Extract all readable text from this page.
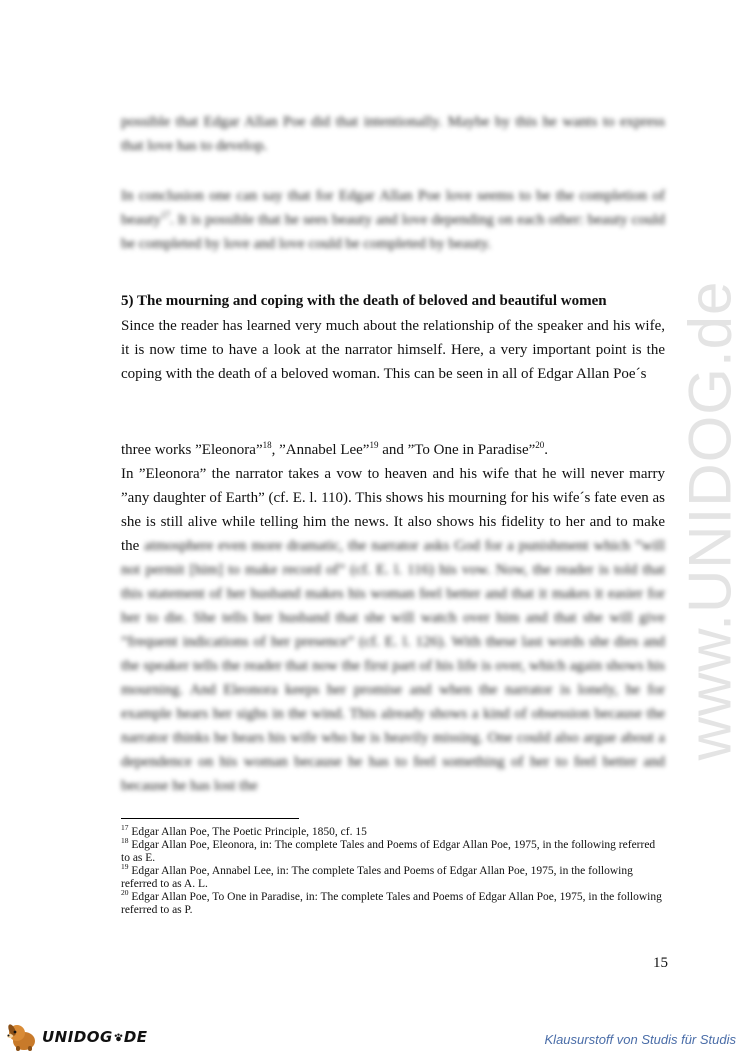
www.UNIDOG.de

possible that Edgar Allan Poe did that intentionally. Maybe by this he wants to express that love has to develop.

In conclusion one can say that for Edgar Allan Poe love seems to be the completion of beauty$^{17}$. It is possible that he sees beauty and love depending on each other: beauty could be completed by love and love could be completed by beauty.

5) The mourning and coping with the death of beloved and beautiful women

Since the reader has learned very much about the relationship of the speaker and his wife, it is now time to have a look at the narrator himself. Here, a very important point is the coping with the death of a beloved woman. This can be seen in all of Edgar Allan Poe´s

three works ”Eleonora”$^{18}$, ”Annabel Lee”$^{19}$ and ”To One in Paradise”$^{20}$.

In ”Eleonora” the narrator takes a vow to heaven and his wife that he will never marry ”any daughter of Earth” (cf. E. l. 110). This shows his mourning for his wife´s fate even as she is still alive while telling him the news. It also shows his fidelity to her and to make the atmosphere even more dramatic, the narrator asks God for a punishment which ”will not permit [him] to make record of” (cf. E. l. 116) his vow. Now, the reader is told that this statement of her husband makes his woman feel better and that it makes it easier for her to die. She tells her husband that she will watch over him and that she will give ”frequent indications of her presence” (cf. E. l. 126). With these last words she dies and the speaker tells the reader that now the first part of his life is over, which again shows his mourning. And Eleonora keeps her promise and when the narrator is lonely, he for example hears her sighs in the wind. This already shows a kind of obsession because the narrator thinks he hears his wife who he is heavily missing. One could also argue about a dependence on his woman because he has to feel something of her to feel better and because he has lost the

$^{17}$ Edgar Allan Poe, The Poetic Principle, 1850, cf. 15
$^{18}$ Edgar Allan Poe, Eleonora, in: The complete Tales and Poems of Edgar Allan Poe, 1975, in the following referred to as E.
$^{19}$ Edgar Allan Poe, Annabel Lee, in: The complete Tales and Poems of Edgar Allan Poe, 1975, in the following referred to as A. L.
$^{20}$ Edgar Allan Poe, To One in Paradise, in: The complete Tales and Poems of Edgar Allan Poe, 1975, in the following referred to as P.
15
UNIDOG DE	Klausurstoff von Studis für Studis
